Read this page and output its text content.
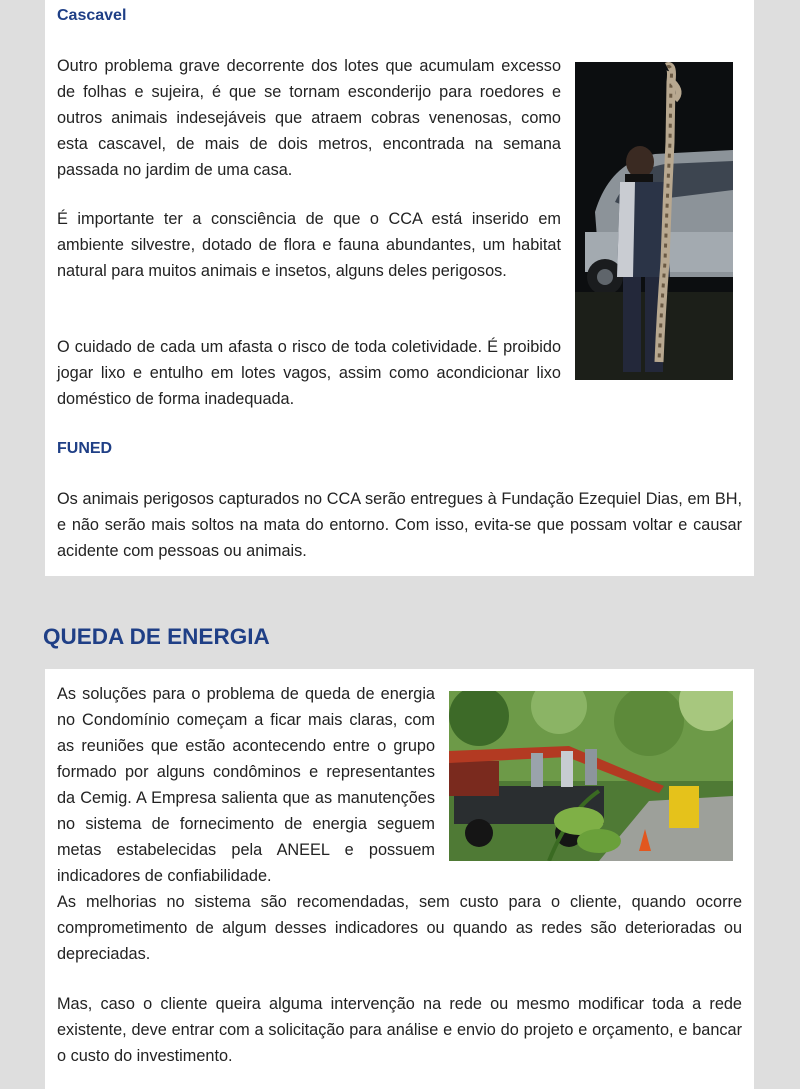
Cascavel

Outro problema grave decorrente dos lotes que acumulam excesso de folhas e sujeira, é que se tornam esconderijo para roedores e outros animais indesejáveis que atraem cobras venenosas, como esta cascavel, de mais de dois metros, encontrada na semana passada no jardim de uma casa.

É importante ter a consciência de que o CCA está inserido em ambiente silvestre, dotado de flora e fauna abundantes, um habitat natural para muitos animais e insetos, alguns deles perigosos.

O cuidado de cada um afasta o risco de toda coletividade. É proibido jogar lixo e entulho em lotes vagos, assim como acondicionar lixo doméstico de forma inadequada.

FUNED

Os animais perigosos capturados no CCA serão entregues à Fundação Ezequiel Dias, em BH, e não serão mais soltos na mata do entorno. Com isso, evita-se que possam voltar e causar acidente com pessoas ou animais.

QUEDA DE ENERGIA

As soluções para o problema de queda de energia no Condomínio começam a ficar mais claras, com as reuniões que estão acontecendo entre o grupo formado por alguns condôminos e representantes da Cemig. A Empresa salienta que as manutenções no sistema de fornecimento de energia seguem metas estabelecidas pela ANEEL e possuem indicadores de confiabilidade.

As melhorias no sistema são recomendadas, sem custo para o cliente, quando ocorre comprometimento de algum desses indicadores ou quando as redes são deterioradas ou depreciadas.

Mas, caso o cliente queira alguma intervenção na rede ou mesmo modificar toda a rede existente, deve entrar com a solicitação para análise e envio do projeto e orçamento, e bancar o custo do investimento.
